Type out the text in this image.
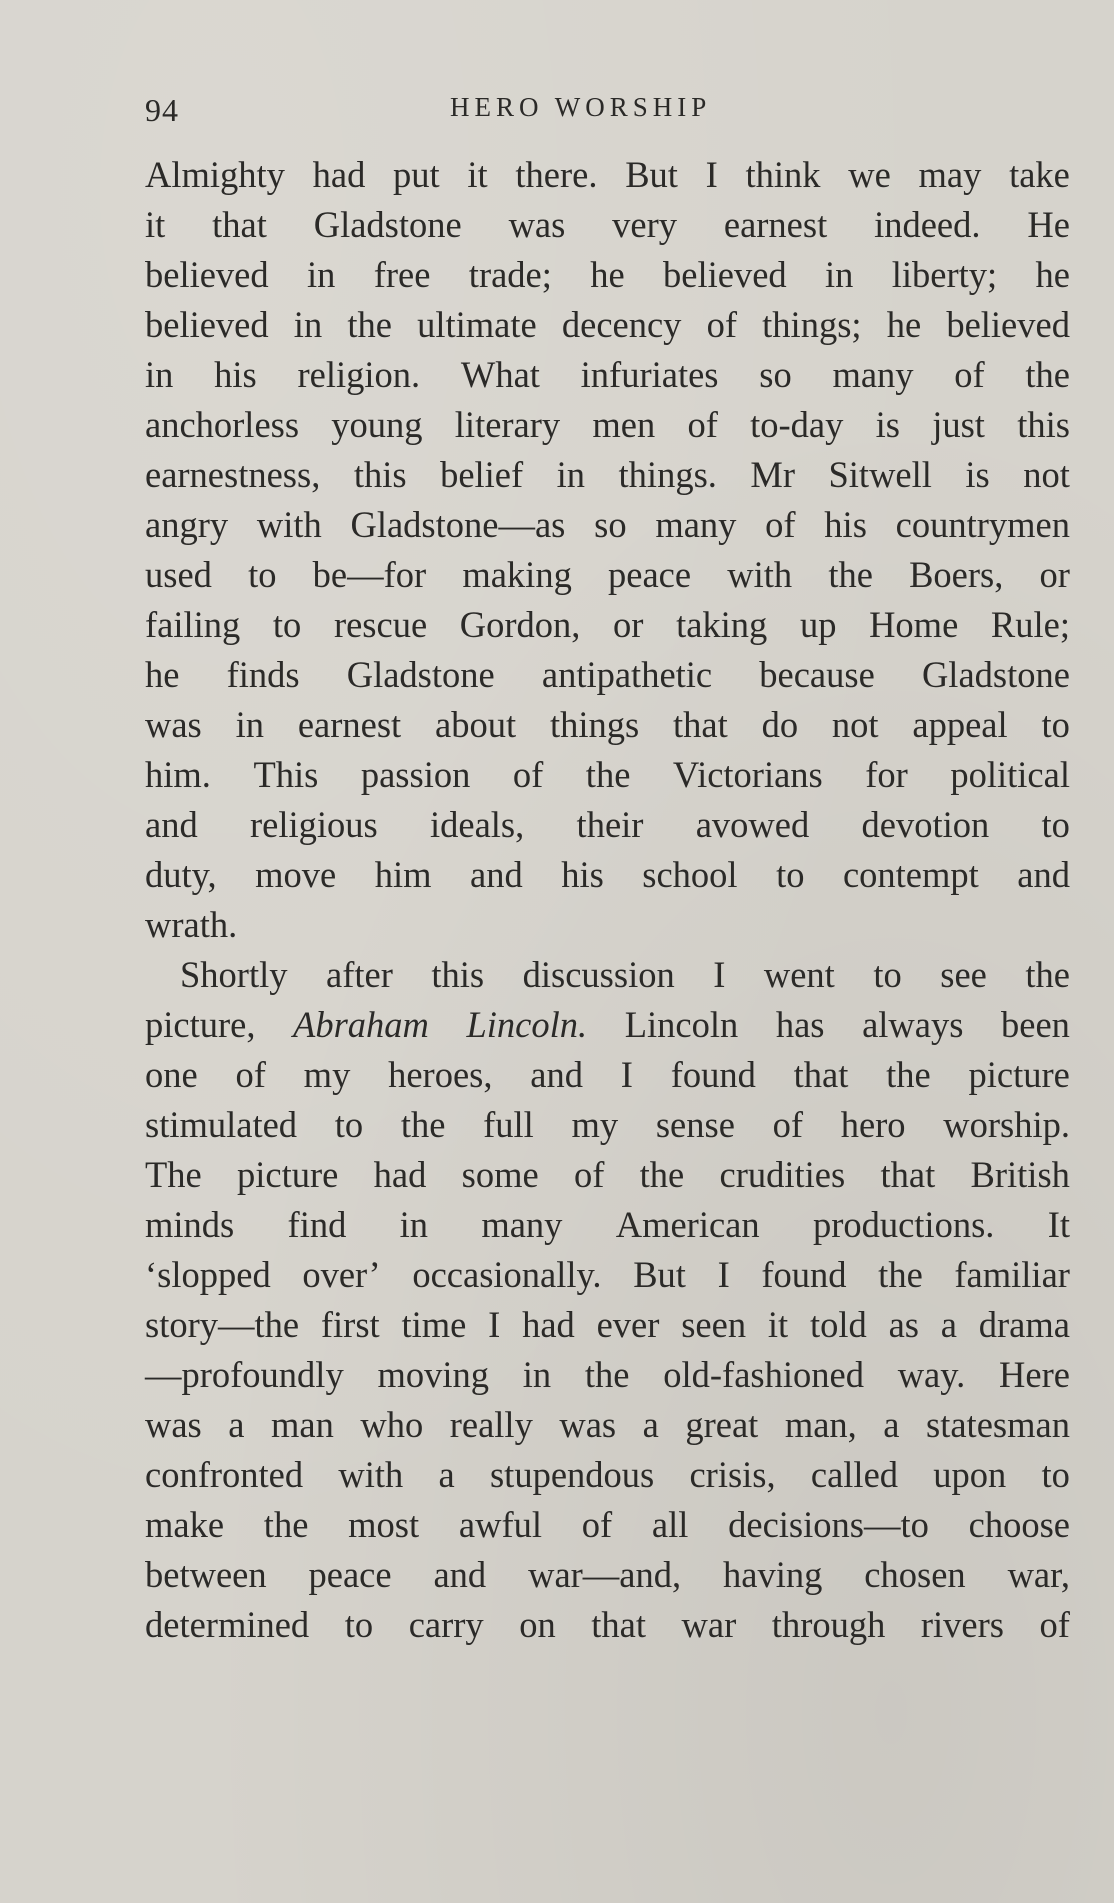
94	HERO WORSHIP
Almighty had put it there. But I think we may take
it that Gladstone was very earnest indeed. He
believed in free trade; he believed in liberty; he
believed in the ultimate decency of things; he believed
in his religion. What infuriates so many of the
anchorless young literary men of to-day is just this
earnestness, this belief in things. Mr Sitwell is not
angry with Gladstone—as so many of his countrymen
used to be—for making peace with the Boers, or
failing to rescue Gordon, or taking up Home Rule;
he finds Gladstone antipathetic because Gladstone
was in earnest about things that do not appeal to
him. This passion of the Victorians for political
and religious ideals, their avowed devotion to
duty, move him and his school to contempt and
wrath.
Shortly after this discussion I went to see the
picture, Abraham Lincoln. Lincoln has always been
one of my heroes, and I found that the picture
stimulated to the full my sense of hero worship.
The picture had some of the crudities that British
minds find in many American productions. It
‘slopped over’ occasionally. But I found the familiar
story—the first time I had ever seen it told as a drama
—profoundly moving in the old-fashioned way. Here
was a man who really was a great man, a statesman
confronted with a stupendous crisis, called upon to
make the most awful of all decisions—to choose
between peace and war—and, having chosen war,
determined to carry on that war through rivers of
